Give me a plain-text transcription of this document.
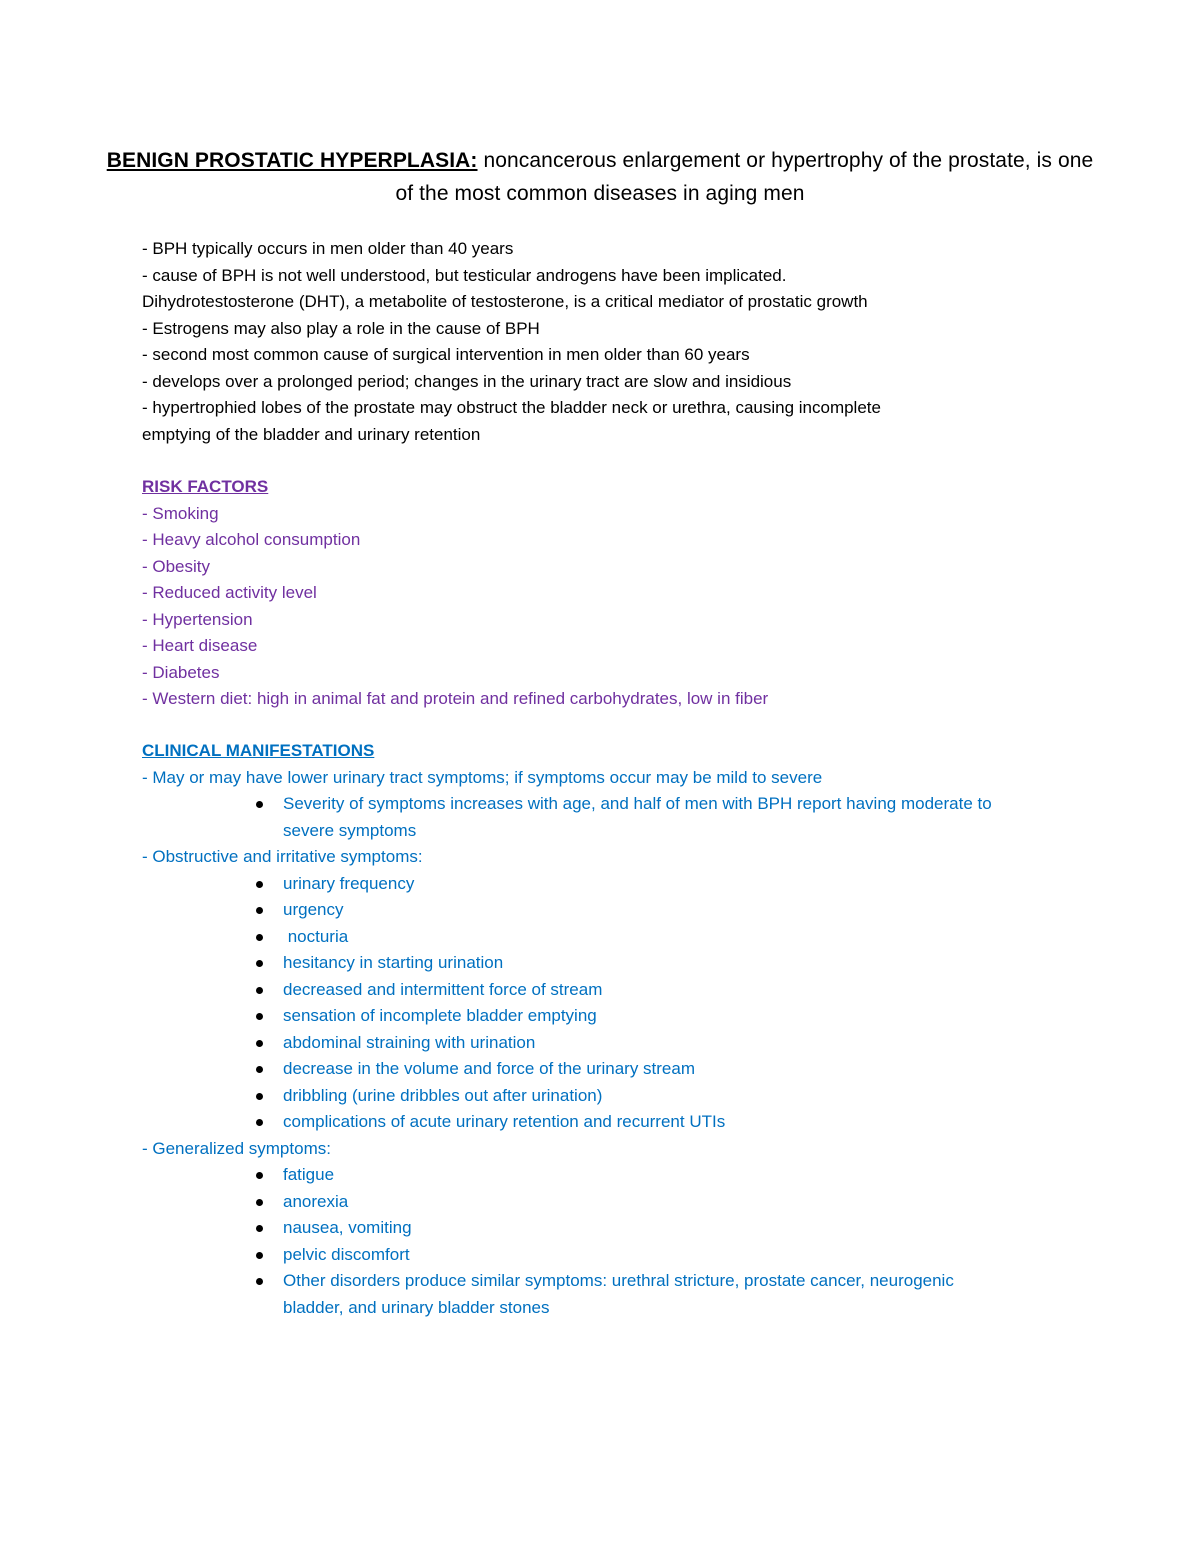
BENIGN PROSTATIC HYPERPLASIA: noncancerous enlargement or hypertrophy of the prostate, is one of the most common diseases in aging men
- BPH typically occurs in men older than 40 years
- cause of BPH is not well understood, but testicular androgens have been implicated.
Dihydrotestosterone (DHT), a metabolite of testosterone, is a critical mediator of prostatic growth
- Estrogens may also play a role in the cause of BPH
- second most common cause of surgical intervention in men older than 60 years
- develops over a prolonged period; changes in the urinary tract are slow and insidious
- hypertrophied lobes of the prostate may obstruct the bladder neck or urethra, causing incomplete
emptying of the bladder and urinary retention
RISK FACTORS
- Smoking
- Heavy alcohol consumption
- Obesity
- Reduced activity level
- Hypertension
- Heart disease
- Diabetes
- Western diet: high in animal fat and protein and refined carbohydrates, low in fiber
CLINICAL MANIFESTATIONS
- May or may have lower urinary tract symptoms; if symptoms occur may be mild to severe
Severity of symptoms increases with age, and half of men with BPH report having moderate to severe symptoms
- Obstructive and irritative symptoms:
urinary frequency
urgency
nocturia
hesitancy in starting urination
decreased and intermittent force of stream
sensation of incomplete bladder emptying
abdominal straining with urination
decrease in the volume and force of the urinary stream
dribbling (urine dribbles out after urination)
complications of acute urinary retention and recurrent UTIs
- Generalized symptoms:
fatigue
anorexia
nausea, vomiting
pelvic discomfort
Other disorders produce similar symptoms: urethral stricture, prostate cancer, neurogenic bladder, and urinary bladder stones
